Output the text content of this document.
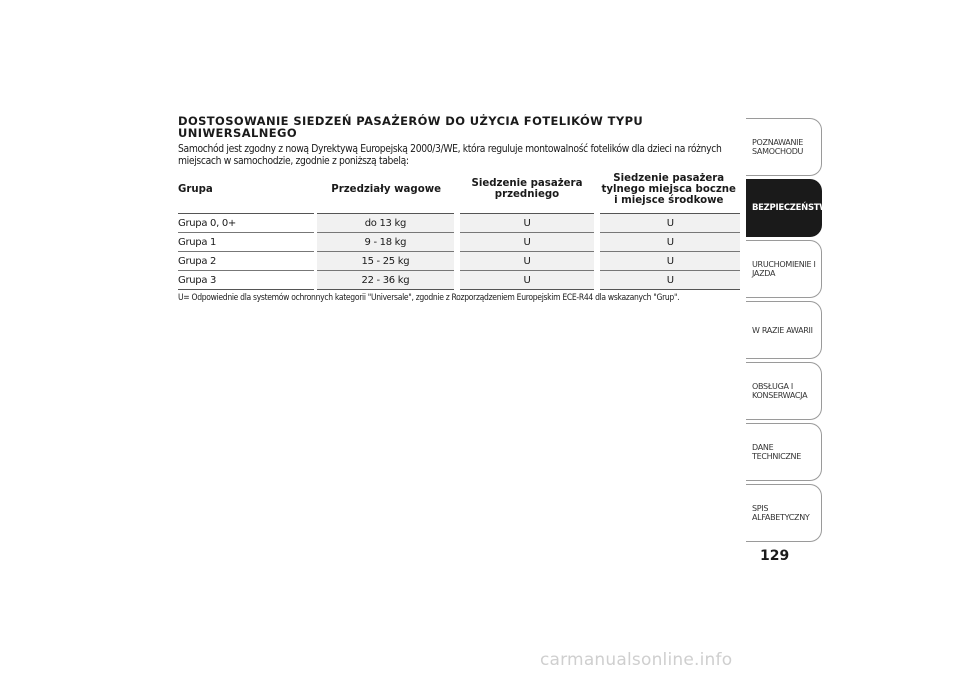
DOSTOSOWANIE SIEDZEŃ PASAŻERÓW DO UŻYCIA FOTELIKÓW TYPU UNIWERSALNEGO

Samochód jest zgodny z nową Dyrektywą Europejską 2000/3/WE, która reguluje montowalność fotelików dla dzieci na różnych miejscach w samochodzie, zgodnie z poniższą tabelą:

Grupa	Przedziały wagowe	Siedzenie pasażera przedniego	Siedzenie pasażera tylnego miejsca boczne i miejsce środkowe
Grupa 0, 0+	do 13 kg	U	U
Grupa 1	9 - 18 kg	U	U
Grupa 2	15 - 25 kg	U	U
Grupa 3	22 - 36 kg	U	U
U= Odpowiednie dla systemów ochronnych kategorii "Universale", zgodnie z Rozporządzeniem Europejskim ECE-R44 dla wskazanych "Grup".
POZNAWANIE SAMOCHODU
BEZPIECZEŃSTWO
URUCHOMIENIE I JAZDA
W RAZIE AWARII
OBSŁUGA I KONSERWACJA
DANE TECHNICZNE
SPIS ALFABETYCZNY
129
carmanualsonline.info
